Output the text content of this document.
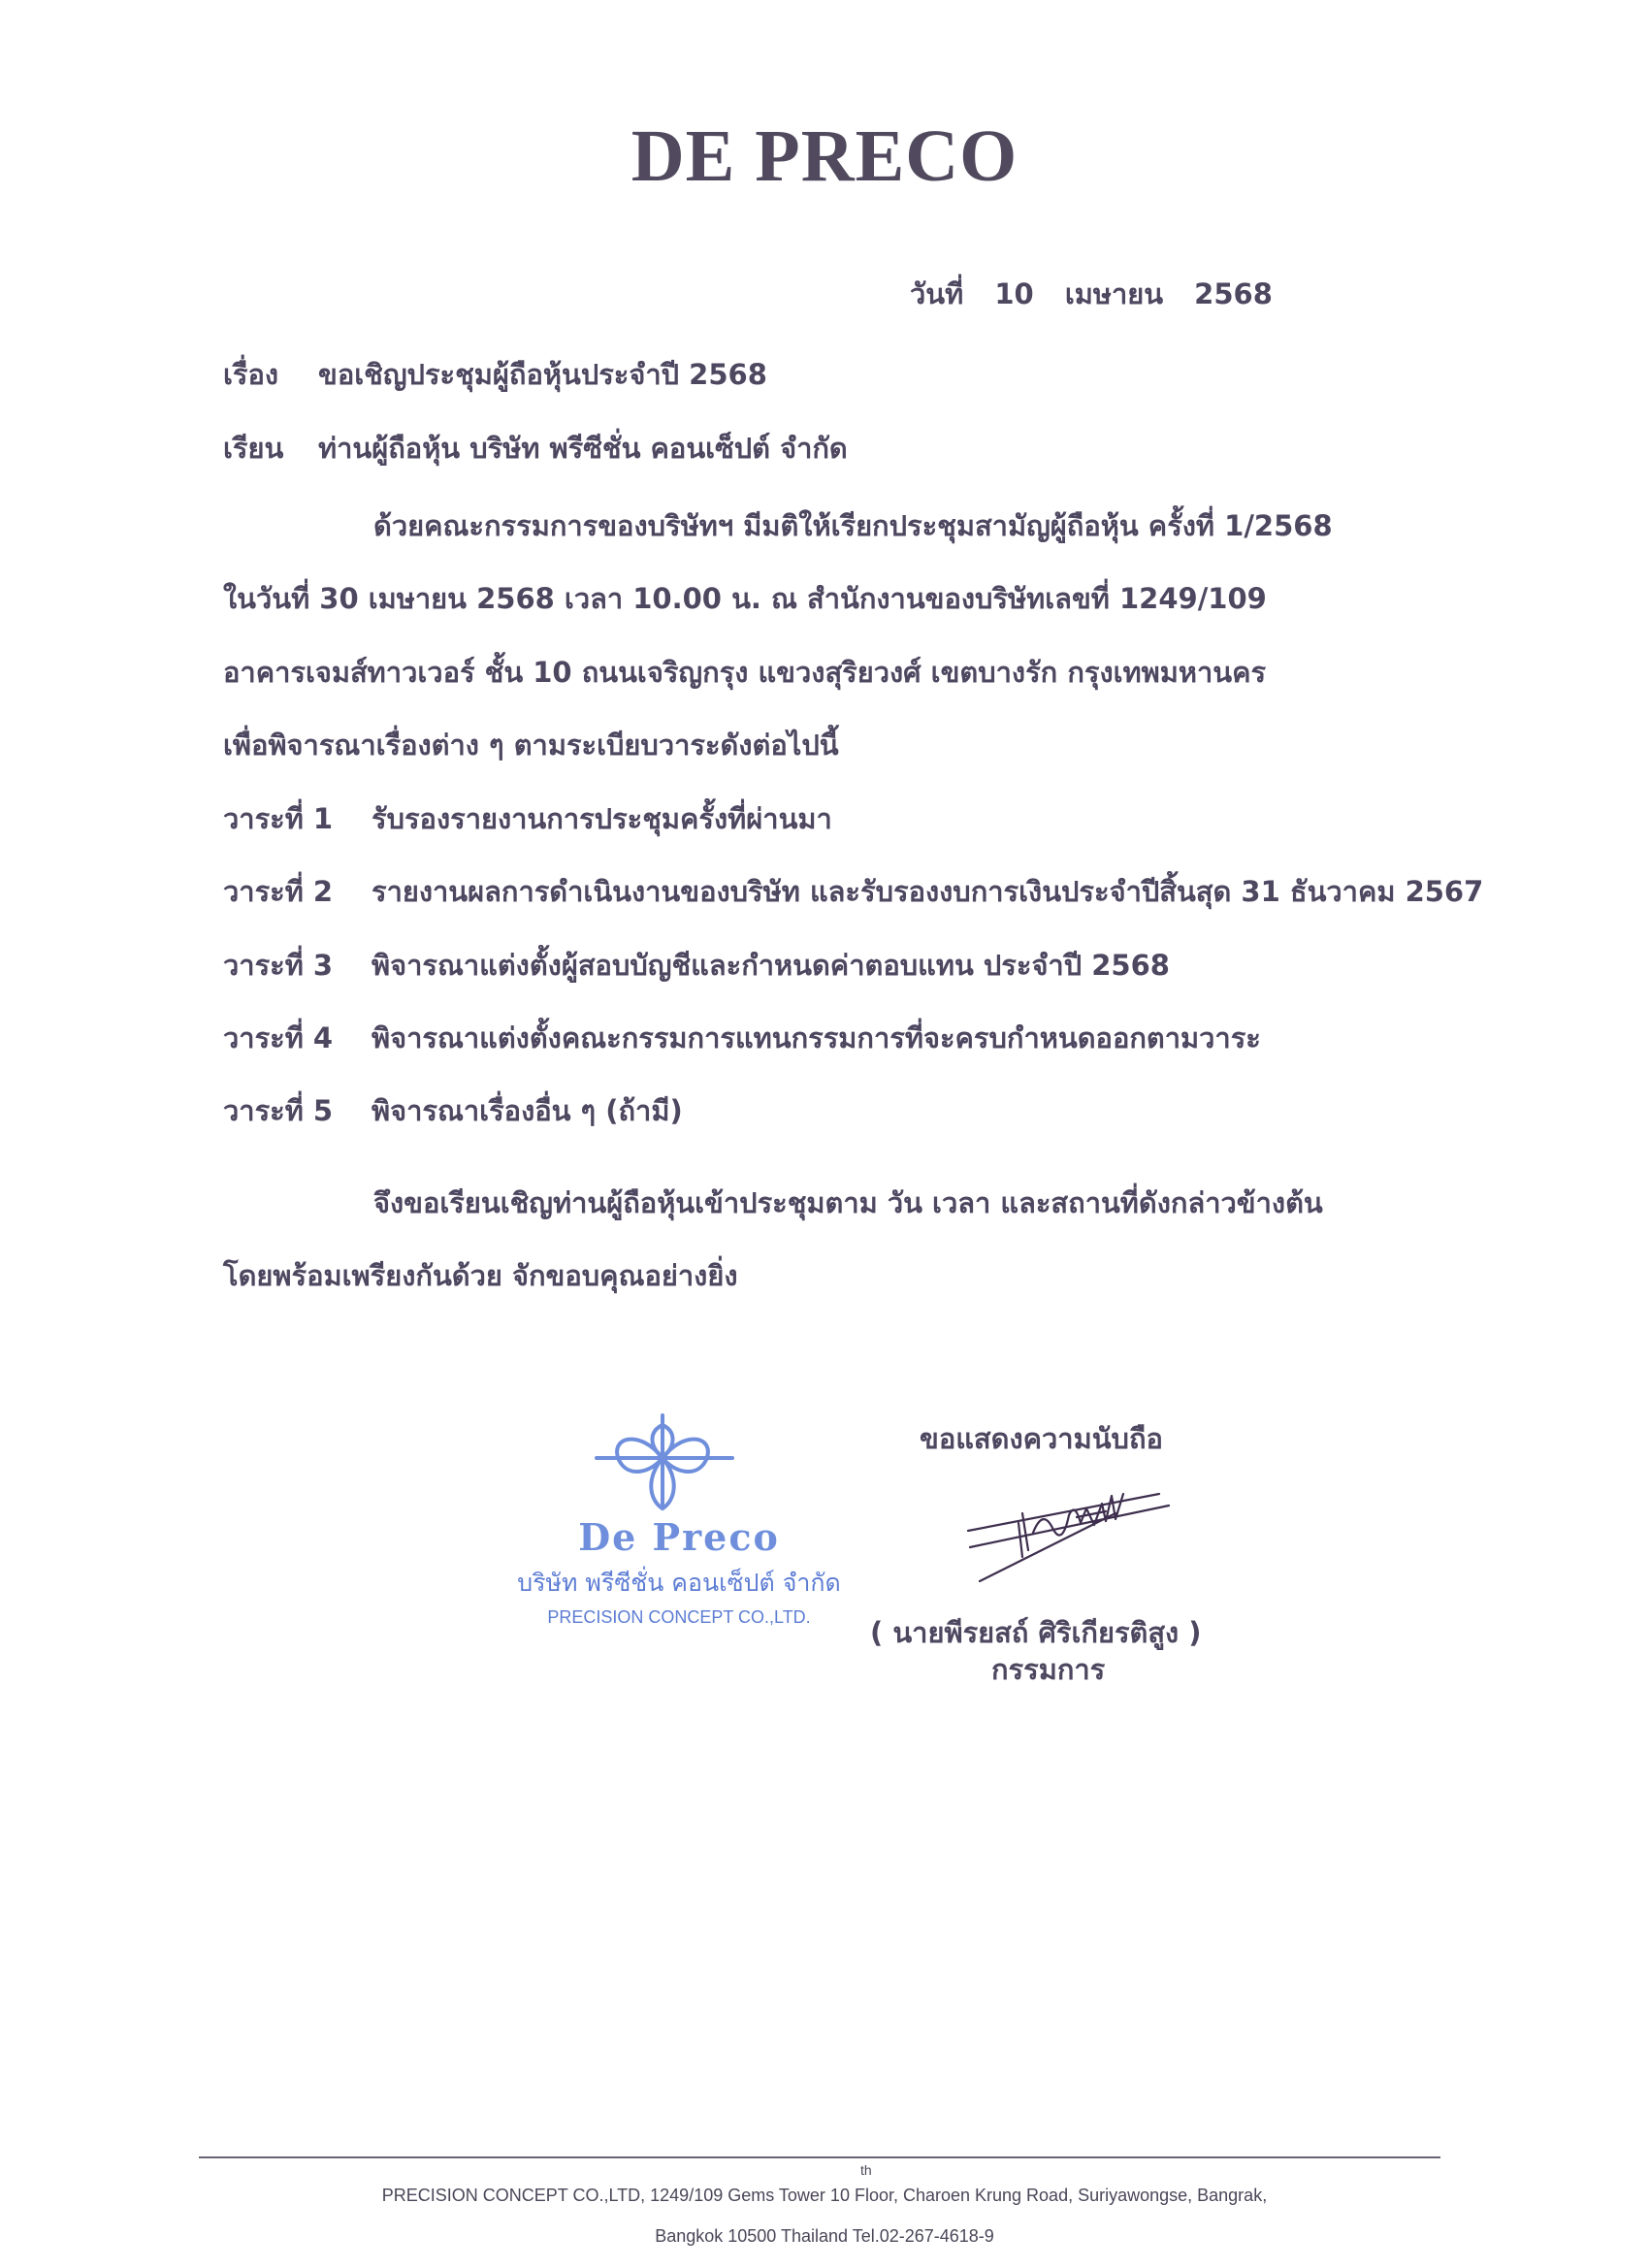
DE PRECO
วันที่ 10 เมษายน 2568
เรื่อง ขอเชิญประชุมผู้ถือหุ้นประจำปี 2568
เรียน ท่านผู้ถือหุ้น บริษัท พรีซีชั่น คอนเซ็ปต์ จำกัด
ด้วยคณะกรรมการของบริษัทฯ มีมติให้เรียกประชุมสามัญผู้ถือหุ้น ครั้งที่ 1/2568
ในวันที่ 30 เมษายน 2568 เวลา 10.00 น. ณ สำนักงานของบริษัทเลขที่ 1249/109
อาคารเจมส์ทาวเวอร์ ชั้น 10 ถนนเจริญกรุง แขวงสุริยวงศ์ เขตบางรัก กรุงเทพมหานคร
เพื่อพิจารณาเรื่องต่าง ๆ ตามระเบียบวาระดังต่อไปนี้
วาระที่ 1 รับรองรายงานการประชุมครั้งที่ผ่านมา
วาระที่ 2 รายงานผลการดำเนินงานของบริษัท และรับรองงบการเงินประจำปีสิ้นสุด 31 ธันวาคม 2567
วาระที่ 3 พิจารณาแต่งตั้งผู้สอบบัญชีและกำหนดค่าตอบแทน ประจำปี 2568
วาระที่ 4 พิจารณาแต่งตั้งคณะกรรมการแทนกรรมการที่จะครบกำหนดออกตามวาระ
วาระที่ 5 พิจารณาเรื่องอื่น ๆ (ถ้ามี)
จึงขอเรียนเชิญท่านผู้ถือหุ้นเข้าประชุมตาม วัน เวลา และสถานที่ดังกล่าวข้างต้น
โดยพร้อมเพรียงกันด้วย จักขอบคุณอย่างยิ่ง
De Preco
บริษัท พรีซีชั่น คอนเซ็ปต์ จำกัด
PRECISION CONCEPT CO.,LTD.
ขอแสดงความนับถือ
( นายพีรยสถ์ ศิริเกียรติสูง )
กรรมการ
th
PRECISION CONCEPT CO.,LTD, 1249/109 Gems Tower 10 Floor, Charoen Krung Road, Suriyawongse, Bangrak,
Bangkok 10500 Thailand Tel.02-267-4618-9
